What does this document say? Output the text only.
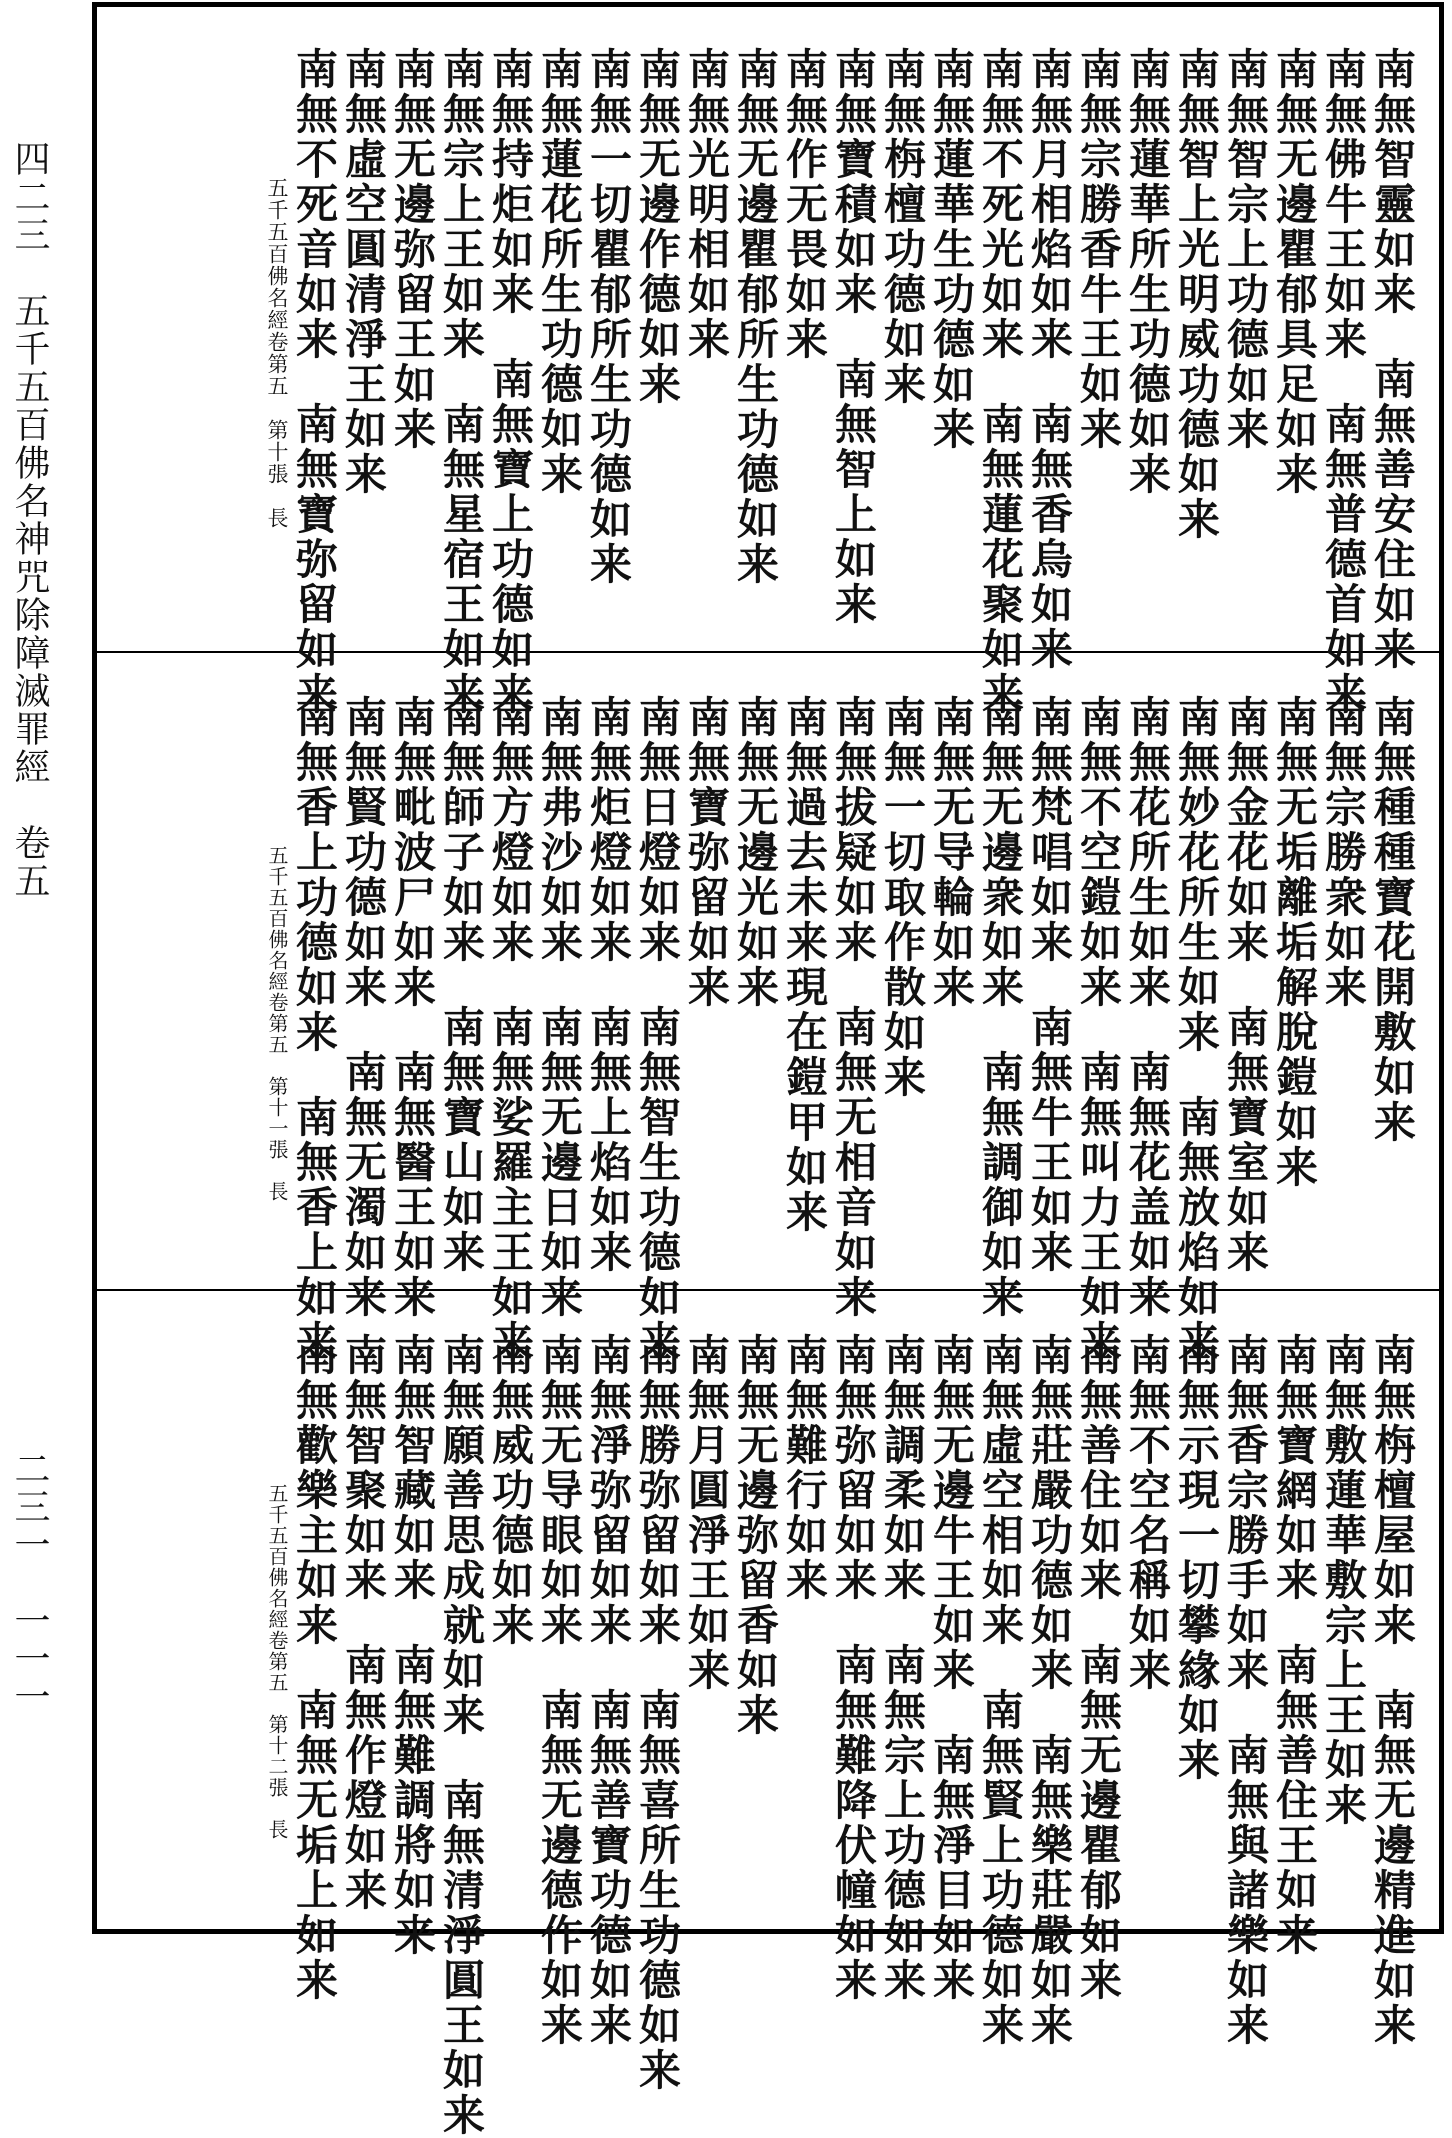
四二三　五千五百佛名神咒除障滅罪經　卷五
二三一　一一一
南無智靈如来南無善安住如来
南無佛牛王如来南無普德首如来
南無无邊瞿郁具足如来
南無智宗上功德如来
南無智上光明威功德如来
南無蓮華所生功德如来
南無宗勝香牛王如来
南無月相焰如来南無香烏如来
南無不死光如来南無蓮花聚如来
南無蓮華生功德如来
南無栴檀功德如来
南無寶積如来南無智上如来
南無作无畏如来
南無无邊瞿郁所生功德如来
南無光明相如来
南無无邊作德如来
南無一切瞿郁所生功德如来
南無蓮花所生功德如来
南無持炬如来南無寶上功德如来
南無宗上王如来南無星宿王如来
南無无邊弥留王如来
南無虛空圓清淨王如来
南無不死音如来南無寶弥留如来
五千五百佛名經卷第五　第十張　長
南無種種寶花開敷如来
南無宗勝衆如来
南無无垢離垢解脫鎧如来
南無金花如来南無寶室如来
南無妙花所生如来南無放焰如来
南無花所生如来南無花盖如来
南無不空鎧如来南無叫力王如来
南無梵唱如来南無牛王如来
南無无邊衆如来南無調御如来
南無无导輪如来
南無一切取作散如来
南無拔疑如来南無无相音如来
南無過去未来現在鎧甲如来
南無无邊光如来
南無寶弥留如来
南無日燈如来南無智生功德如来
南無炬燈如来南無上焰如来
南無弗沙如来南無无邊日如来
南無方燈如来南無娑羅主王如来
南無師子如来南無寶山如来
南無毗波尸如来南無醫王如来
南無賢功德如来南無无濁如来
南無香上功德如来南無香上如来
五千五百佛名經卷第五　第十一張　長
南無栴檀屋如来南無无邊精進如来
南無敷蓮華敷宗上王如来
南無寶網如来南無善住王如来
南無香宗勝手如来南無與諸樂如来
南無示現一切攀緣如来
南無不空名稱如来
南無善住如来南無无邊瞿郁如来
南無莊嚴功德如来南無樂莊嚴如来
南無虛空相如来南無賢上功德如来
南無无邊牛王如来南無淨目如来
南無調柔如来南無宗上功德如来
南無弥留如来南無難降伏幢如来
南無難行如来
南無无邊弥留香如来
南無月圓淨王如来
南無勝弥留如来南無喜所生功德如来
南無淨弥留如来南無善寶功德如来
南無无导眼如来南無无邊德作如来
南無威功德如来
南無願善思成就如来南無清淨圓王如来
南無智藏如来南無難調將如来
南無智聚如来南無作燈如来
南無歡樂主如来南無无垢上如来
五千五百佛名經卷第五　第十二張　長
